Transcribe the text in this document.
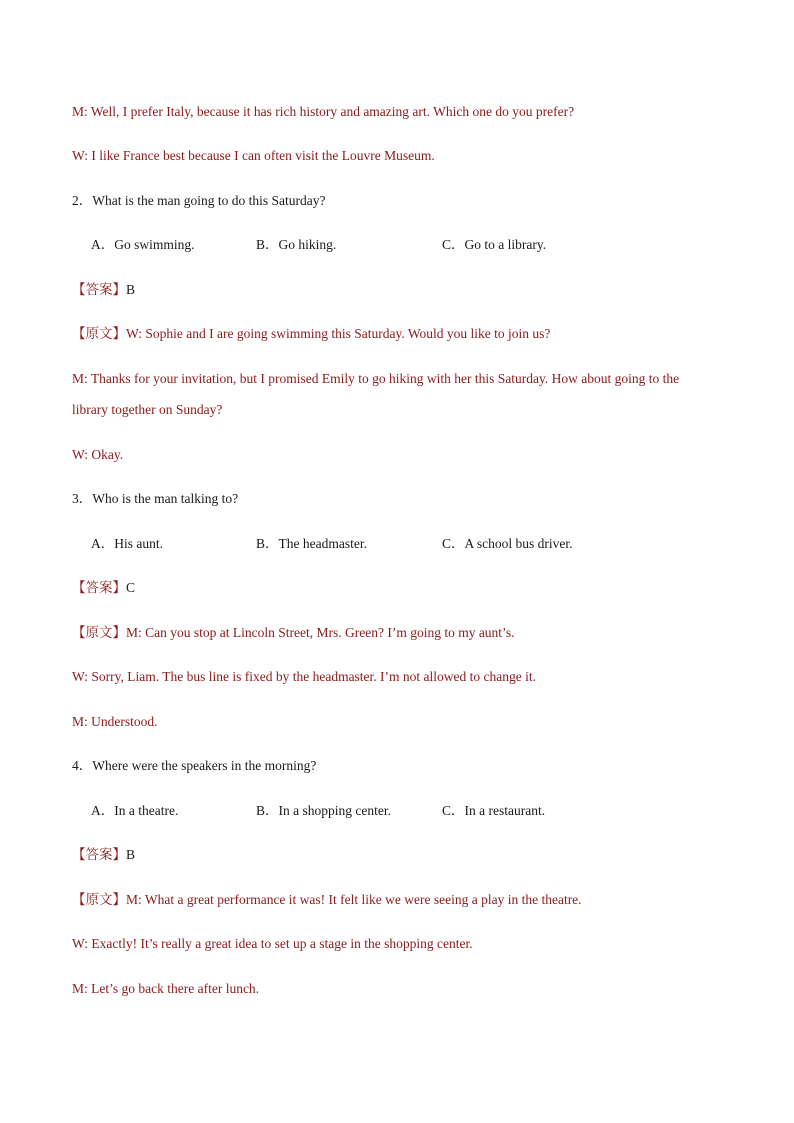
M: Well, I prefer Italy, because it has rich history and amazing art. Which one do you prefer?
W: I like France best because I can often visit the Louvre Museum.
2．What is the man going to do this Saturday?
A．Go swimming.	B．Go hiking.	C．Go to a library.
【答案】B
【原文】W: Sophie and I are going swimming this Saturday. Would you like to join us?
M: Thanks for your invitation, but I promised Emily to go hiking with her this Saturday. How about going to the
library together on Sunday?
W: Okay.
3．Who is the man talking to?
A．His aunt.	B．The headmaster.	C．A school bus driver.
【答案】C
【原文】M: Can you stop at Lincoln Street, Mrs. Green? I’m going to my aunt’s.
W: Sorry, Liam. The bus line is fixed by the headmaster. I’m not allowed to change it.
M: Understood.
4．Where were the speakers in the morning?
A．In a theatre.	B．In a shopping center.	C．In a restaurant.
【答案】B
【原文】M: What a great performance it was! It felt like we were seeing a play in the theatre.
W: Exactly! It’s really a great idea to set up a stage in the shopping center.
M: Let’s go back there after lunch.
